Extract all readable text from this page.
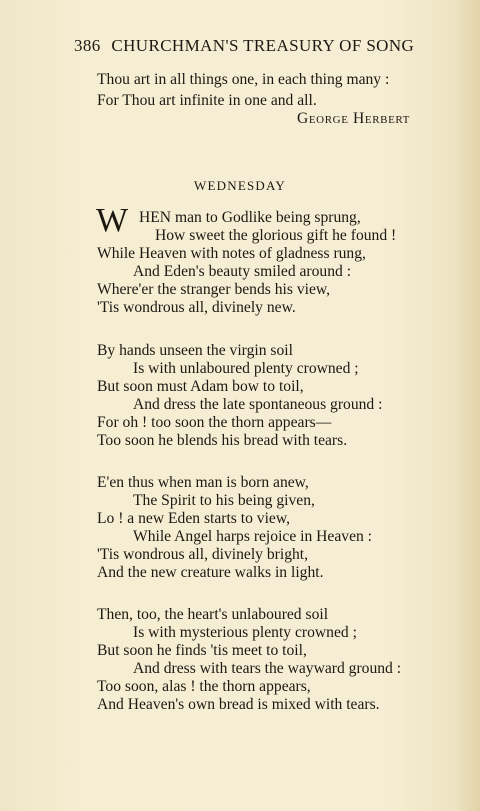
386 CHURCHMAN'S TREASURY OF SONG
Thou art in all things one, in each thing many :
For Thou art infinite in one and all.
George Herbert
WEDNESDAY
W HEN man to Godlike being sprung,
How sweet the glorious gift he found !
While Heaven with notes of gladness rung,
And Eden's beauty smiled around :
Where'er the stranger bends his view,
'Tis wondrous all, divinely new.
By hands unseen the virgin soil
Is with unlaboured plenty crowned ;
But soon must Adam bow to toil,
And dress the late spontaneous ground :
For oh ! too soon the thorn appears—
Too soon he blends his bread with tears.
E'en thus when man is born anew,
The Spirit to his being given,
Lo ! a new Eden starts to view,
While Angel harps rejoice in Heaven :
'Tis wondrous all, divinely bright,
And the new creature walks in light.
Then, too, the heart's unlaboured soil
Is with mysterious plenty crowned ;
But soon he finds 'tis meet to toil,
And dress with tears the wayward ground :
Too soon, alas ! the thorn appears,
And Heaven's own bread is mixed with tears.
